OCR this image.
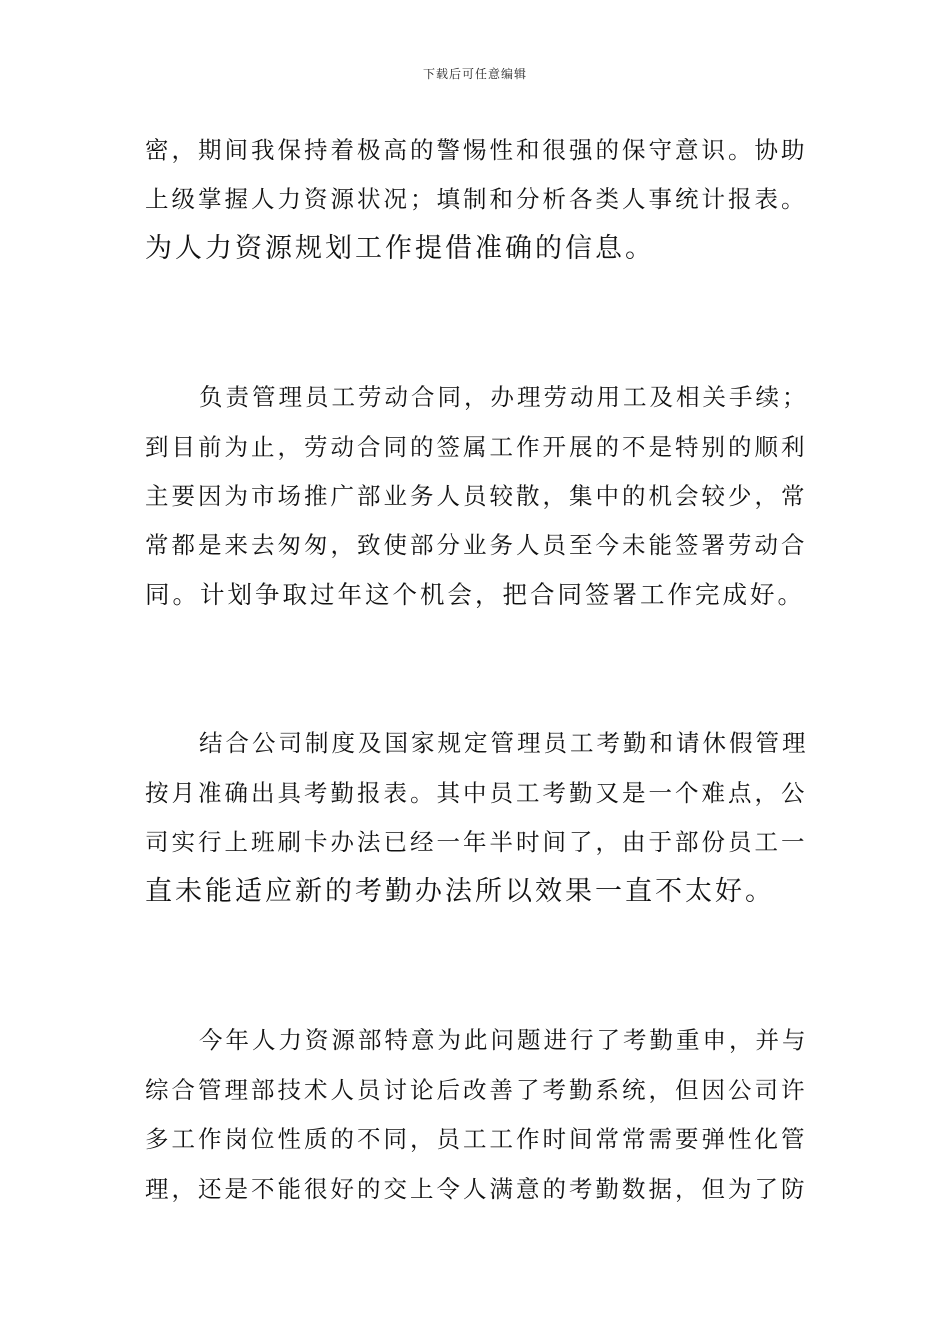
下载后可任意编辑
密，期间我保持着极高的警惕性和很强的保守意识。协助
上级掌握人力资源状况；填制和分析各类人事统计报表。
为人力资源规划工作提借准确的信息。
负责管理员工劳动合同，办理劳动用工及相关手续；
到目前为止，劳动合同的签属工作开展的不是特别的顺利
主要因为市场推广部业务人员较散，集中的机会较少，常
常都是来去匆匆，致使部分业务人员至今未能签署劳动合
同。计划争取过年这个机会，把合同签署工作完成好。
结合公司制度及国家规定管理员工考勤和请休假管理
按月准确出具考勤报表。其中员工考勤又是一个难点，公
司实行上班刷卡办法已经一年半时间了，由于部份员工一
直未能适应新的考勤办法所以效果一直不太好。
今年人力资源部特意为此问题进行了考勤重申，并与
综合管理部技术人员讨论后改善了考勤系统，但因公司许
多工作岗位性质的不同，员工工作时间常常需要弹性化管
理，还是不能很好的交上令人满意的考勤数据，但为了防
